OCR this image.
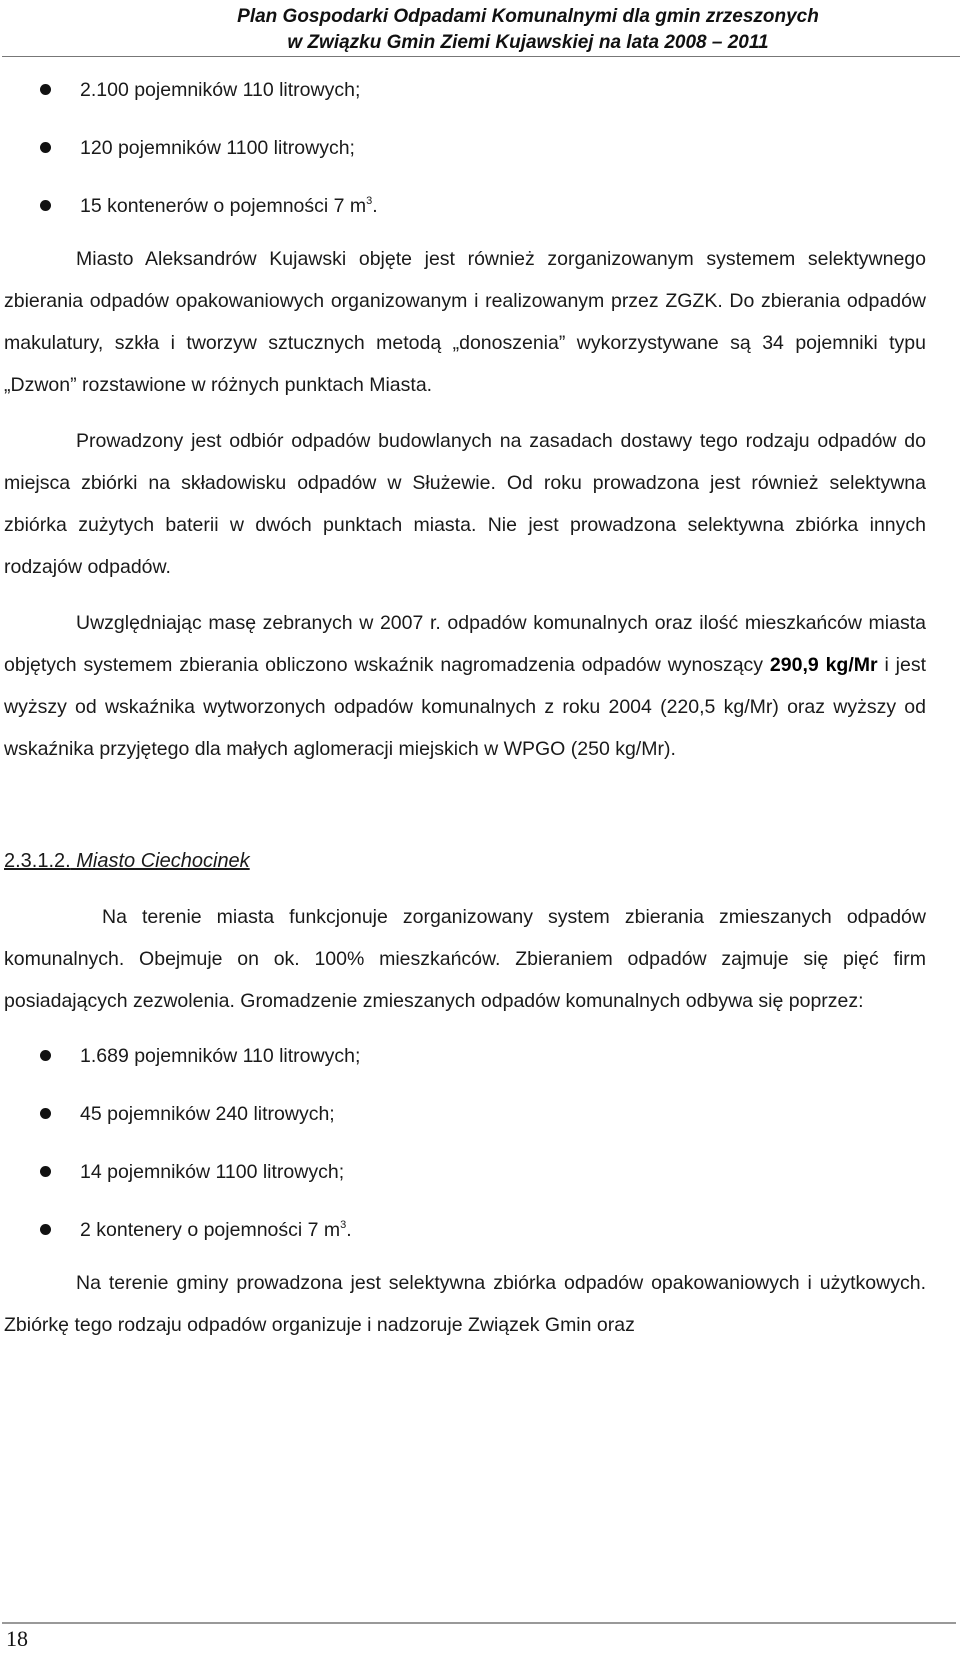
Plan Gospodarki Odpadami Komunalnymi dla gmin zrzeszonych
w Związku Gmin Ziemi Kujawskiej na lata 2008 – 2011
2.100 pojemników 110 litrowych;
120 pojemników 1100 litrowych;
15 kontenerów o pojemności 7 $m^3$.

Miasto Aleksandrów Kujawski objęte jest również zorganizowanym systemem selektywnego zbierania odpadów opakowaniowych organizowanym i realizowanym przez ZGZK. Do zbierania odpadów makulatury, szkła i tworzyw sztucznych metodą „donoszenia” wykorzystywane są 34 pojemniki typu „Dzwon” rozstawione w różnych punktach Miasta.

Prowadzony jest odbiór odpadów budowlanych na zasadach dostawy tego rodzaju odpadów do miejsca zbiórki na składowisku odpadów w Służewie. Od roku prowadzona jest również selektywna zbiórka zużytych baterii w dwóch punktach miasta. Nie jest prowadzona selektywna zbiórka innych rodzajów odpadów.

Uwzględniając masę zebranych w 2007 r. odpadów komunalnych oraz ilość mieszkańców miasta objętych systemem zbierania obliczono wskaźnik nagromadzenia odpadów wynoszący 290,9 kg/Mr i jest wyższy od wskaźnika wytworzonych odpadów komunalnych z roku 2004 (220,5 kg/Mr) oraz wyższy od wskaźnika przyjętego dla małych aglomeracji miejskich w WPGO (250 kg/Mr).

2.3.1.2. Miasto Ciechocinek

Na terenie miasta funkcjonuje zorganizowany system zbierania zmieszanych odpadów komunalnych. Obejmuje on ok. 100% mieszkańców. Zbieraniem odpadów zajmuje się pięć firm posiadających zezwolenia. Gromadzenie zmieszanych odpadów komunalnych odbywa się poprzez:

1.689 pojemników 110 litrowych;
45 pojemników 240 litrowych;
14 pojemników 1100 litrowych;
2 kontenery o pojemności 7 $m^3$.

Na terenie gminy prowadzona jest selektywna zbiórka odpadów opakowaniowych i użytkowych. Zbiórkę tego rodzaju odpadów organizuje i nadzoruje Związek Gmin oraz

18
